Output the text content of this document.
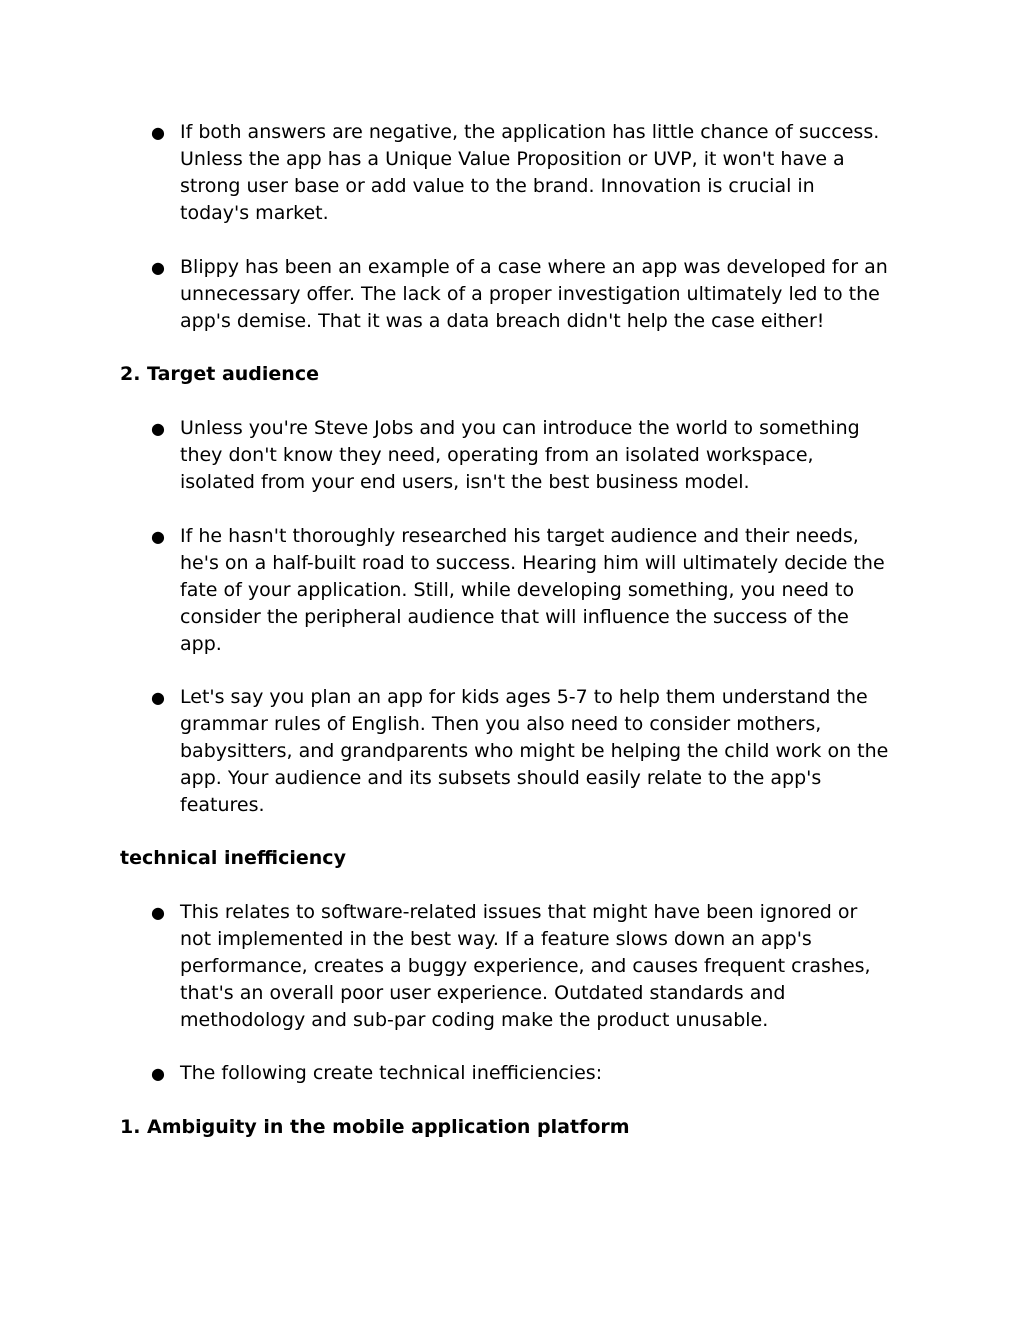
● If both answers are negative, the application has little chance of success.
Unless the app has a Unique Value Proposition or UVP, it won't have a
strong user base or add value to the brand. Innovation is crucial in
today's market.
● Blippy has been an example of a case where an app was developed for an
unnecessary offer. The lack of a proper investigation ultimately led to the
app's demise. That it was a data breach didn't help the case either!
2. Target audience
● Unless you're Steve Jobs and you can introduce the world to something
they don't know they need, operating from an isolated workspace,
isolated from your end users, isn't the best business model.
● If he hasn't thoroughly researched his target audience and their needs,
he's on a half-built road to success. Hearing him will ultimately decide the
fate of your application. Still, while developing something, you need to
consider the peripheral audience that will influence the success of the
app.
● Let's say you plan an app for kids ages 5-7 to help them understand the
grammar rules of English. Then you also need to consider mothers,
babysitters, and grandparents who might be helping the child work on the
app. Your audience and its subsets should easily relate to the app's
features.
technical inefficiency
● This relates to software-related issues that might have been ignored or
not implemented in the best way. If a feature slows down an app's
performance, creates a buggy experience, and causes frequent crashes,
that's an overall poor user experience. Outdated standards and
methodology and sub-par coding make the product unusable.
● The following create technical inefficiencies:
1. Ambiguity in the mobile application platform
